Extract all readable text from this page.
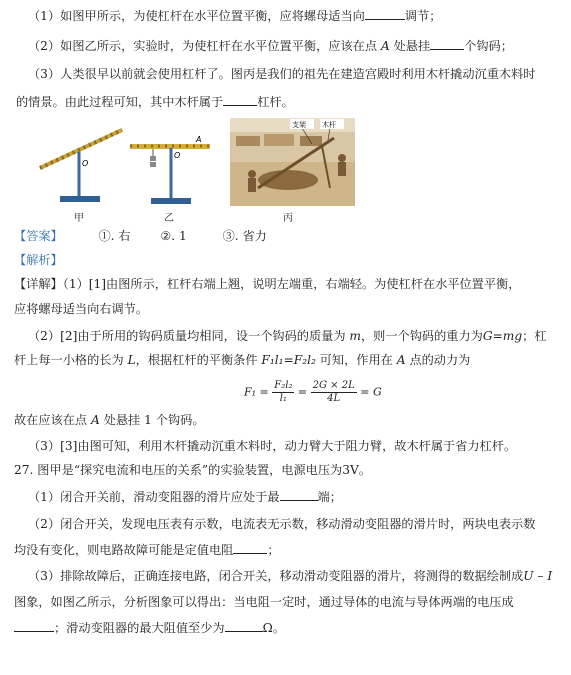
（1）如图甲所示，为使杠杆在水平位置平衡，应将螺母适当向	调节；
（2）如图乙所示，实验时，为使杠杆在水平位置平衡，应该在点 A 处悬挂	个钩码；
（3）人类很早以前就会使用杠杆了。图丙是我们的祖先在建造宫殿时利用木杆撬动沉重木料时
的情景。由此过程可知，其中木杆属于	杠杆。
O
甲
O
A
乙
支架 木杆
丙
【答案】	①. 右 ②. 1	③. 省力
【解析】
【详解】（1）[1]由图所示，杠杆右端上翘，说明左端重，右端轻。为使杠杆在水平位置平衡，
应将螺母适当向右调节。
（2）[2]由于所用的钩码质量均相同，设一个钩码的质量为 m，则一个钩码的重力为G=mg；杠
杆上每一小格的长为 L，根据杠杆的平衡条件 F₁l₁=F₂l₂ 可知，作用在 A 点的动力为
$F_1 = \frac{\text{F₂l₂}}{\text{l₁}} = \frac{2G \times 2L}{4L} = G$
故在应该在点 A 处悬挂 1 个钩码。
（3）[3]由图可知，利用木杆撬动沉重木料时，动力臂大于阻力臂，故木杆属于省力杠杆。
27. 图甲是“探究电流和电压的关系”的实验装置，电源电压为3V。
（1）闭合开关前，滑动变阻器的滑片应处于最	端；
（2）闭合开关，发现电压表有示数，电流表无示数，移动滑动变阻器的滑片时，两块电表示数
均没有变化，则电路故障可能是定值电阻	；
（3）排除故障后，正确连接电路，闭合开关，移动滑动变阻器的滑片，将测得的数据绘制成U – I
图象，如图乙所示，分析图象可以得出：当电阻一定时，通过导体的电流与导体两端的电压成
；滑动变阻器的最大阻值至少为	Ω。
